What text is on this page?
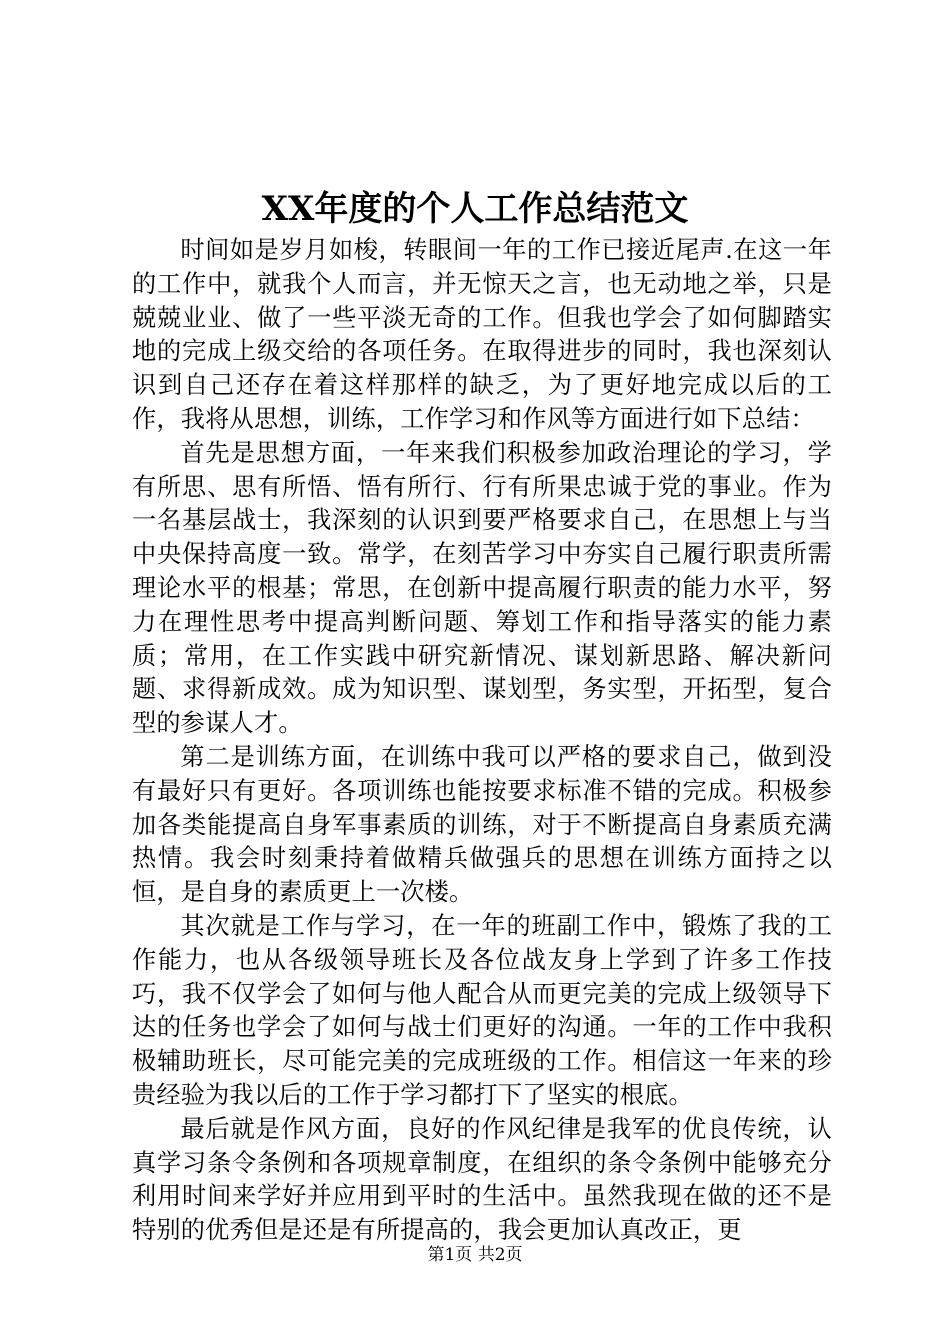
XX年度的个人工作总结范文

时间如是岁月如梭，转眼间一年的工作已接近尾声.在这一年的工作中，就我个人而言，并无惊天之言，也无动地之举，只是兢兢业业、做了一些平淡无奇的工作。但我也学会了如何脚踏实地的完成上级交给的各项任务。在取得进步的同时，我也深刻认识到自己还存在着这样那样的缺乏，为了更好地完成以后的工作，我将从思想，训练，工作学习和作风等方面进行如下总结：

首先是思想方面，一年来我们积极参加政治理论的学习，学有所思、思有所悟、悟有所行、行有所果忠诚于党的事业。作为一名基层战士，我深刻的认识到要严格要求自己，在思想上与当中央保持高度一致。常学，在刻苦学习中夯实自己履行职责所需理论水平的根基；常思，在创新中提高履行职责的能力水平，努力在理性思考中提高判断问题、筹划工作和指导落实的能力素质；常用，在工作实践中研究新情况、谋划新思路、解决新问题、求得新成效。成为知识型、谋划型，务实型，开拓型，复合型的参谋人才。

第二是训练方面，在训练中我可以严格的要求自己，做到没有最好只有更好。各项训练也能按要求标准不错的完成。积极参加各类能提高自身军事素质的训练，对于不断提高自身素质充满热情。我会时刻秉持着做精兵做强兵的思想在训练方面持之以恒，是自身的素质更上一次楼。

其次就是工作与学习，在一年的班副工作中，锻炼了我的工作能力，也从各级领导班长及各位战友身上学到了许多工作技巧，我不仅学会了如何与他人配合从而更完美的完成上级领导下达的任务也学会了如何与战士们更好的沟通。一年的工作中我积极辅助班长，尽可能完美的完成班级的工作。相信这一年来的珍贵经验为我以后的工作于学习都打下了坚实的根底。

最后就是作风方面，良好的作风纪律是我军的优良传统，认真学习条令条例和各项规章制度，在组织的条令条例中能够充分利用时间来学好并应用到平时的生活中。虽然我现在做的还不是特别的优秀但是还是有所提高的，我会更加认真改正，更

第1页 共2页
